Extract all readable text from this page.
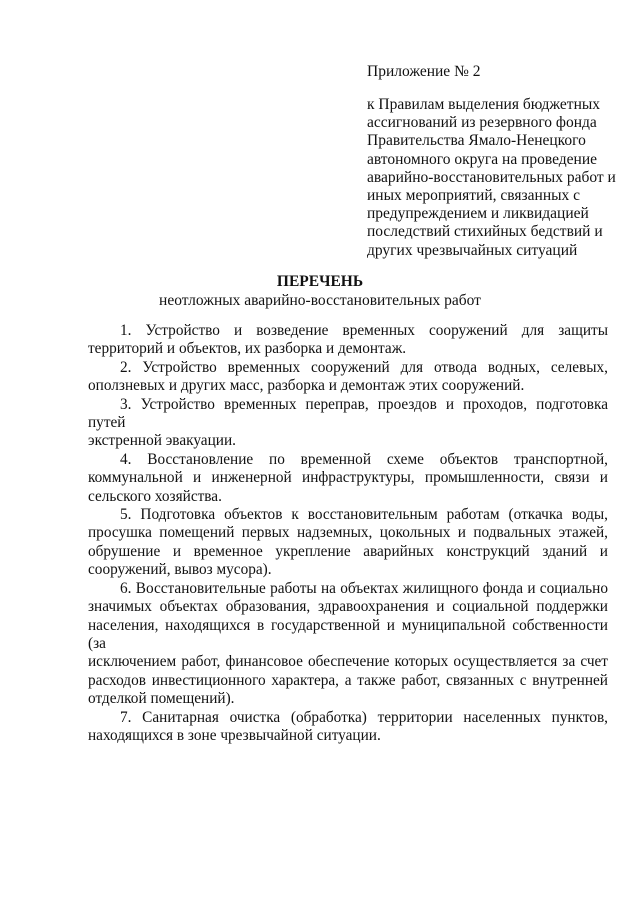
Приложение № 2
к Правилам выделения бюджетных
ассигнований из резервного фонда
Правительства Ямало-Ненецкого
автономного округа на проведение
аварийно-восстановительных работ и
иных мероприятий, связанных с
предупреждением и ликвидацией
последствий стихийных бедствий и
других чрезвычайных ситуаций
ПЕРЕЧЕНЬ
неотложных аварийно-восстановительных работ
1. Устройство и возведение временных сооружений для защиты
территорий и объектов, их разборка и демонтаж.
2. Устройство временных сооружений для отвода водных, селевых,
оползневых и других масс, разборка и демонтаж этих сооружений.
3. Устройство временных переправ, проездов и проходов, подготовка путей
экстренной эвакуации.
4. Восстановление по временной схеме объектов транспортной,
коммунальной и инженерной инфраструктуры, промышленности, связи и
сельского хозяйства.
5. Подготовка объектов к восстановительным работам (откачка воды,
просушка помещений первых надземных, цокольных и подвальных этажей,
обрушение и временное укрепление аварийных конструкций зданий и
сооружений, вывоз мусора).
6. Восстановительные работы на объектах жилищного фонда и социально
значимых объектах образования, здравоохранения и социальной поддержки
населения, находящихся в государственной и муниципальной собственности (за
исключением работ, финансовое обеспечение которых осуществляется за счет
расходов инвестиционного характера, а также работ, связанных с внутренней
отделкой помещений).
7. Санитарная очистка (обработка) территории населенных пунктов,
находящихся в зоне чрезвычайной ситуации.
